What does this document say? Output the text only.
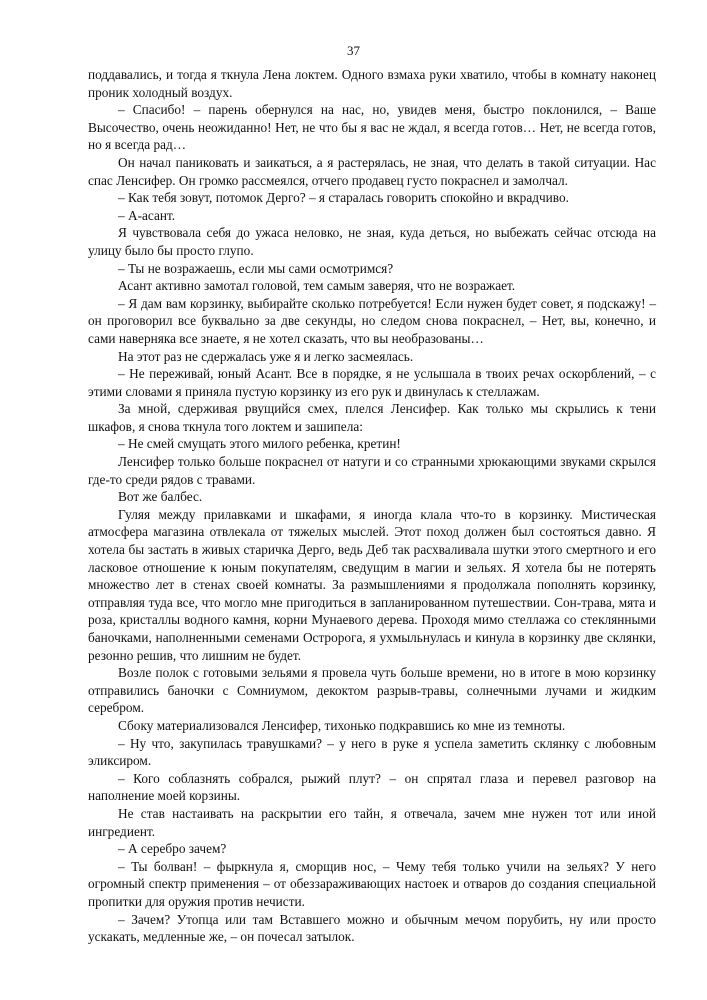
37

поддавались, и тогда я ткнула Лена локтем. Одного взмаха руки хватило, чтобы в комнату наконец проник холодный воздух.

– Спасибо! – парень обернулся на нас, но, увидев меня, быстро поклонился, – Ваше Высочество, очень неожиданно! Нет, не что бы я вас не ждал, я всегда готов… Нет, не всегда готов, но я всегда рад…

Он начал паниковать и заикаться, а я растерялась, не зная, что делать в такой ситуации. Нас спас Ленсифер. Он громко рассмеялся, отчего продавец густо покраснел и замолчал.

– Как тебя зовут, потомок Дерго? – я старалась говорить спокойно и вкрадчиво.

– А-асант.

Я чувствовала себя до ужаса неловко, не зная, куда деться, но выбежать сейчас отсюда на улицу было бы просто глупо.

– Ты не возражаешь, если мы сами осмотримся?

Асант активно замотал головой, тем самым заверяя, что не возражает.

– Я дам вам корзинку, выбирайте сколько потребуется! Если нужен будет совет, я подскажу! – он проговорил все буквально за две секунды, но следом снова покраснел, – Нет, вы, конечно, и сами наверняка все знаете, я не хотел сказать, что вы необразованы…

На этот раз не сдержалась уже я и легко засмеялась.

– Не переживай, юный Асант. Все в порядке, я не услышала в твоих речах оскорблений, – с этими словами я приняла пустую корзинку из его рук и двинулась к стеллажам.

За мной, сдерживая рвущийся смех, плелся Ленсифер. Как только мы скрылись к тени шкафов, я снова ткнула того локтем и зашипела:

– Не смей смущать этого милого ребенка, кретин!

Ленсифер только больше покраснел от натуги и со странными хрюкающими звуками скрылся где-то среди рядов с травами.

Вот же балбес.

Гуляя между прилавками и шкафами, я иногда клала что-то в корзинку. Мистическая атмосфера магазина отвлекала от тяжелых мыслей. Этот поход должен был состояться давно. Я хотела бы застать в живых старичка Дерго, ведь Деб так расхваливала шутки этого смертного и его ласковое отношение к юным покупателям, сведущим в магии и зельях. Я хотела бы не потерять множество лет в стенах своей комнаты. За размышлениями я продолжала пополнять корзинку, отправляя туда все, что могло мне пригодиться в запланированном путешествии. Сон-трава, мята и роза, кристаллы водного камня, корни Мунаевого дерева. Проходя мимо стеллажа со стеклянными баночками, наполненными семенами Остророга, я ухмыльнулась и кинула в корзинку две склянки, резонно решив, что лишним не будет.

Возле полок с готовыми зельями я провела чуть больше времени, но в итоге в мою корзинку отправились баночки с Сомниумом, декоктом разрыв-травы, солнечными лучами и жидким серебром.

Сбоку материализовался Ленсифер, тихонько подкравшись ко мне из темноты.

– Ну что, закупилась травушками? – у него в руке я успела заметить склянку с любовным эликсиром.

– Кого соблазнять собрался, рыжий плут? – он спрятал глаза и перевел разговор на наполнение моей корзины.

Не став настаивать на раскрытии его тайн, я отвечала, зачем мне нужен тот или иной ингредиент.

– А серебро зачем?

– Ты болван! – фыркнула я, сморщив нос, – Чему тебя только учили на зельях? У него огромный спектр применения – от обеззараживающих настоек и отваров до создания специальной пропитки для оружия против нечисти.

– Зачем? Утопца или там Вставшего можно и обычным мечом порубить, ну или просто ускакать, медленные же, – он почесал затылок.
